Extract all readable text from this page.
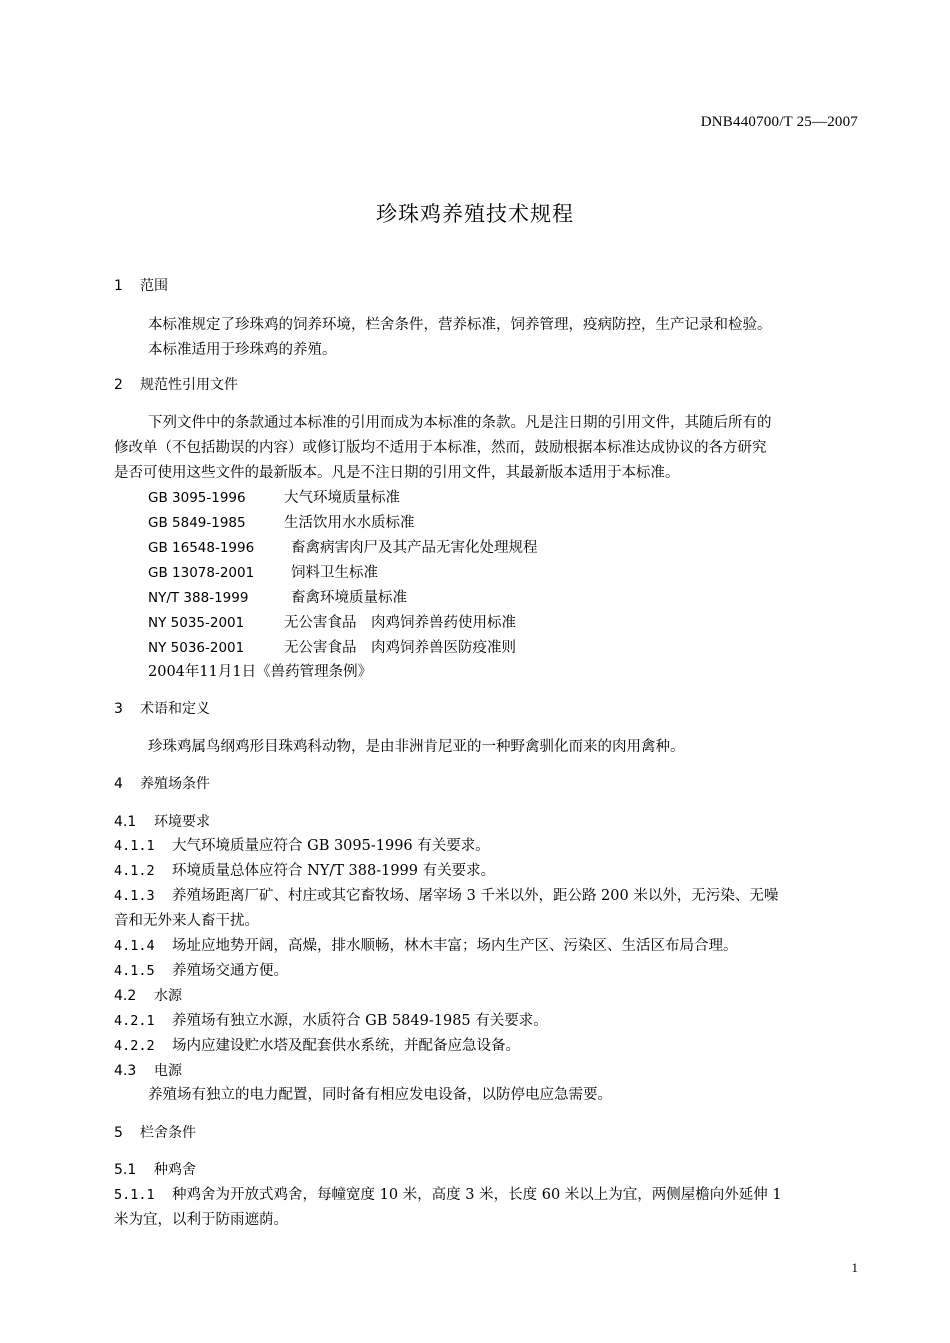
DNB440700/T 25—2007
珍珠鸡养殖技术规程
1 范围
本标准规定了珍珠鸡的饲养环境，栏舍条件，营养标准，饲养管理，疫病防控，生产记录和检验。
本标准适用于珍珠鸡的养殖。
2 规范性引用文件
下列文件中的条款通过本标准的引用而成为本标准的条款。凡是注日期的引用文件，其随后所有的
修改单（不包括勘误的内容）或修订版均不适用于本标准，然而，鼓励根据本标准达成协议的各方研究
是否可使用这些文件的最新版本。凡是不注日期的引用文件，其最新版本适用于本标准。
GB 3095-1996	大气环境质量标准
GB 5849-1985	生活饮用水水质标准
GB 16548-1996	畜禽病害肉尸及其产品无害化处理规程
GB 13078-2001	饲料卫生标准
NY/T 388-1999	畜禽环境质量标准
NY 5035-2001	无公害食品　肉鸡饲养兽药使用标准
NY 5036-2001	无公害食品　肉鸡饲养兽医防疫准则
2004年11月1日《兽药管理条例》
3 术语和定义
珍珠鸡属鸟纲鸡形目珠鸡科动物，是由非洲肯尼亚的一种野禽驯化而来的肉用禽种。
4 养殖场条件
4.1 环境要求
4.1.1 大气环境质量应符合 GB 3095-1996 有关要求。
4.1.2 环境质量总体应符合 NY/T 388-1999 有关要求。
4.1.3 养殖场距离厂矿、村庄或其它畜牧场、屠宰场 3 千米以外，距公路 200 米以外，无污染、无噪
音和无外来人畜干扰。
4.1.4 场址应地势开阔，高燥，排水顺畅，林木丰富；场内生产区、污染区、生活区布局合理。
4.1.5 养殖场交通方便。
4.2 水源
4.2.1 养殖场有独立水源，水质符合 GB 5849-1985 有关要求。
4.2.2 场内应建设贮水塔及配套供水系统，并配备应急设备。
4.3 电源
养殖场有独立的电力配置，同时备有相应发电设备，以防停电应急需要。
5 栏舍条件
5.1 种鸡舍
5.1.1 种鸡舍为开放式鸡舍，每幢宽度 10 米，高度 3 米，长度 60 米以上为宜，两侧屋檐向外延伸 1
米为宜，以利于防雨遮荫。
1
